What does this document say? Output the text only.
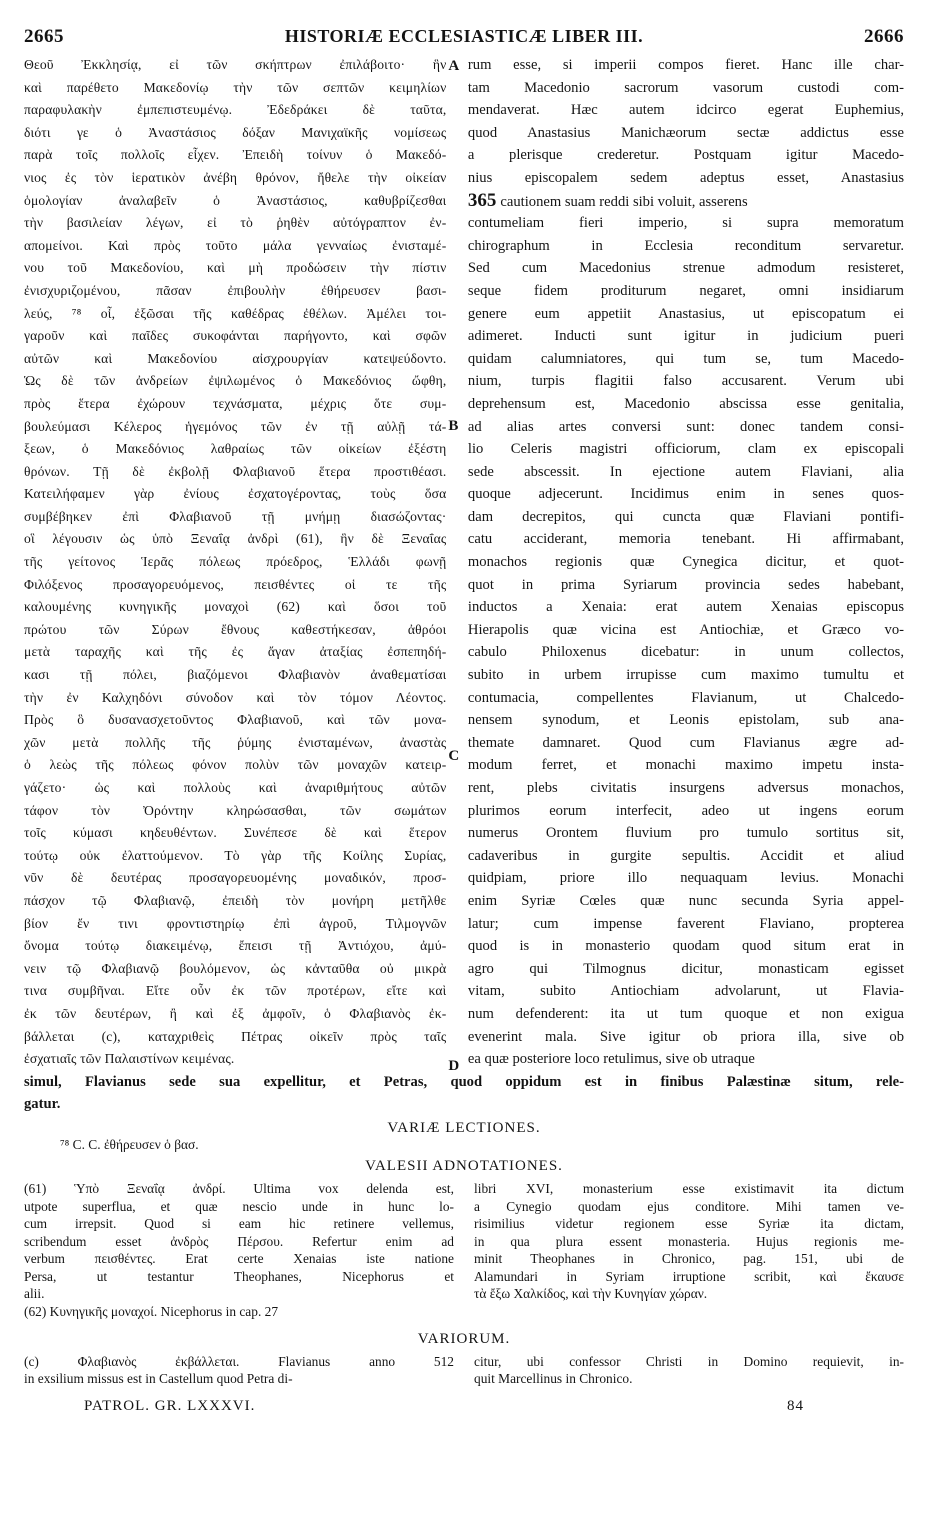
2665	HISTORIÆ ECCLESIASTICÆ LIBER III.	2666
Θεοῦ Ἐκκλησίᾳ, εἰ τῶν σκήπτρων ἐπιλάβοιτο· ἣν
καὶ παρέθετο Μακεδονίῳ τὴν τῶν σεπτῶν κειμηλίων
παραφυλακὴν ἐμπεπιστευμένῳ. Ἐδεδράκει δὲ ταῦτα,
διότι γε ὁ Ἀναστάσιος δόξαν Μανιχαϊκῆς νομίσεως
παρὰ τοῖς πολλοῖς εἶχεν. Ἐπειδὴ τοίνυν ὁ Μακεδό-
νιος ἐς τὸν ἱερατικὸν ἀνέβη θρόνον, ἤθελε τὴν οἰκείαν
ὁμολογίαν ἀναλαβεῖν ὁ Ἀναστάσιος, καθυβρίζεσθαι
τὴν βασιλείαν λέγων, εἰ τὸ ῥηθὲν αὐτόγραπτον ἐν-
απομείνοι. Καὶ πρὸς τοῦτο μάλα γενναίως ἐνισταμέ-
νου τοῦ Μακεδονίου, καὶ μὴ προδώσειν τὴν πίστιν
ἐνισχυριζομένου, πᾶσαν ἐπιβουλὴν ἐθήρευσεν βασι-
λεύς, ⁷⁸ οἷ, ἐξῶσαι τῆς καθέδρας ἐθέλων. Ἀμέλει τοι-
γαροῦν καὶ παῖδες συκοφάνται παρήγοντο, καὶ σφῶν
αὐτῶν καὶ Μακεδονίου αἰσχρουργίαν κατεψεύδοντο.
Ὡς δὲ τῶν ἀνδρείων ἐψιλωμένος ὁ Μακεδόνιος ὤφθη,
πρὸς ἕτερα ἐχώρουν τεχνάσματα, μέχρις ὅτε συμ-
βουλεύμασι Κέλερος ἡγεμόνος τῶν ἐν τῇ αὐλῇ τά-
ξεων, ὁ Μακεδόνιος λαθραίως τῶν οἰκείων ἐξέστη
θρόνων. Τῇ δὲ ἐκβολῇ Φλαβιανοῦ ἕτερα προστιθέασι.
Κατειλήφαμεν γὰρ ἐνίους ἐσχατογέροντας, τοὺς ὅσα
συμβέβηκεν ἐπὶ Φλαβιανοῦ τῇ μνήμῃ διασώζοντας·
οἳ λέγουσιν ὡς ὑπὸ Ξεναΐᾳ ἀνδρὶ (61), ἣν δὲ Ξεναΐας
τῆς γείτονος Ἱερᾶς πόλεως πρόεδρος, Ἑλλάδι φωνῇ
Φιλόξενος προσαγορευόμενος, πεισθέντες οἱ τε τῆς
καλουμένης κυνηγικῆς μοναχοὶ (62) καὶ ὅσοι τοῦ
πρώτου τῶν Σύρων ἔθνους καθεστήκεσαν, ἀθρόοι
μετὰ ταραχῆς καὶ τῆς ἐς ἄγαν ἀταξίας ἐσπεπηδή-
κασι τῇ πόλει, βιαζόμενοι Φλαβιανὸν ἀναθεματίσαι
τὴν ἐν Καλχηδόνι σύνοδον καὶ τὸν τόμον Λέοντος.
Πρὸς ὃ δυσανασχετοῦντος Φλαβιανοῦ, καὶ τῶν μονα-
χῶν μετὰ πολλῆς τῆς ῥύμης ἐνισταμένων, ἀναστὰς
ὁ λεὼς τῆς πόλεως φόνον πολὺν τῶν μοναχῶν κατειρ-
γάζετο· ὡς καὶ πολλοὺς καὶ ἀναριθμήτους αὐτῶν
τάφον τὸν Ὀρόντην κληρώσασθαι, τῶν σωμάτων
τοῖς κύμασι κηδευθέντων. Συνέπεσε δὲ καὶ ἕτερον
τούτῳ οὐκ ἐλαττούμενον. Τὸ γὰρ τῆς Κοίλης Συρίας,
νῦν δὲ δευτέρας προσαγορευομένης μοναδικόν, προσ-
πάσχον τῷ Φλαβιανῷ, ἐπειδὴ τὸν μονήρη μετῆλθε
βίον ἔν τινι φροντιστηρίῳ ἐπὶ ἀγροῦ, Τιλμογνῶν
ὄνομα τούτῳ διακειμένῳ, ἔπεισι τῇ Ἀντιόχου, ἀμύ-
νειν τῷ Φλαβιανῷ βουλόμενον, ὡς κἀνταῦθα οὐ μικρὰ
τινα συμβῆναι. Εἴτε οὖν ἐκ τῶν προτέρων, εἴτε καὶ
ἐκ τῶν δευτέρων, ἢ καὶ ἐξ ἀμφοῖν, ὁ Φλαβιανὸς ἐκ-
βάλλεται (c), καταχριθεὶς Πέτρας οἰκεῖν πρὸς ταῖς
ἐσχατιαῖς τῶν Παλαιστίνων κειμένας.
A
B
C
D
rum esse, si imperii compos fieret. Hanc ille char-
tam Macedonio sacrorum vasorum custodi com-
mendaverat. Hæc autem idcirco egerat Euphemius,
quod Anastasius Manichæorum sectæ addictus esse
a plerisque crederetur. Postquam igitur Macedo-
nius episcopalem sedem adeptus esset, Anastasius
365 cautionem suam reddi sibi voluit, asserens
contumeliam fieri imperio, si supra memoratum
chirographum in Ecclesia reconditum servaretur.
Sed cum Macedonius strenue admodum resisteret,
seque fidem proditurum negaret, omni insidiarum
genere eum appetiit Anastasius, ut episcopatum ei
adimeret. Inducti sunt igitur in judicium pueri
quidam calumniatores, qui tum se, tum Macedo-
nium, turpis flagitii falso accusarent. Verum ubi
deprehensum est, Macedonio abscissa esse genitalia,
ad alias artes conversi sunt: donec tandem consi-
lio Celeris magistri officiorum, clam ex episcopali
sede abscessit. In ejectione autem Flaviani, alia
quoque adjecerunt. Incidimus enim in senes quos-
dam decrepitos, qui cuncta quæ Flaviani pontifi-
catu acciderant, memoria tenebant. Hi affirmabant,
monachos regionis quæ Cynegica dicitur, et quot-
quot in prima Syriarum provincia sedes habebant,
inductos a Xenaia: erat autem Xenaias episcopus
Hierapolis quæ vicina est Antiochiæ, et Græco vo-
cabulo Philoxenus dicebatur: in unum collectos,
subito in urbem irrupisse cum maximo tumultu et
contumacia, compellentes Flavianum, ut Chalcedo-
nensem synodum, et Leonis epistolam, sub ana-
themate damnaret. Quod cum Flavianus ægre ad-
modum ferret, et monachi maximo impetu insta-
rent, plebs civitatis insurgens adversus monachos,
plurimos eorum interfecit, adeo ut ingens eorum
numerus Orontem fluvium pro tumulo sortitus sit,
cadaveribus in gurgite sepultis. Accidit et aliud
quidpiam, priore illo nequaquam levius. Monachi
enim Syriæ Cœles quæ nunc secunda Syria appel-
latur; cum impense faverent Flaviano, propterea
quod is in monasterio quodam quod situm erat in
agro qui Tilmognus dicitur, monasticam egisset
vitam, subito Antiochiam advolarunt, ut Flavia-
num defenderent: ita ut tum quoque et non exigua
evenerint mala. Sive igitur ob priora illa, sive ob
ea quæ posteriore loco retulimus, sive ob utraque
simul, Flavianus sede sua expellitur, et Petras, quod oppidum est in finibus Palæstinæ situm, rele-
gatur.
VARIÆ LECTIONES.
⁷⁸ C. C. ἐθήρευσεν ὁ βασ.
VALESII ADNOTATIONES.
(61) Ὑπὸ Ξεναΐᾳ ἀνδρί. Ultima vox delenda est,
utpote superflua, et quæ nescio unde in hunc lo-
cum irrepsit. Quod si eam hic retinere vellemus,
scribendum esset ἀνδρὸς Πέρσου. Refertur enim ad
verbum πεισθέντες. Erat certe Xenaias iste natione
Persa, ut testantur Theophanes, Nicephorus et
alii.
(62) Κυνηγικῆς μοναχοί. Nicephorus in cap. 27
libri XVI, monasterium esse existimavit ita dictum
a Cynegio quodam ejus conditore. Mihi tamen ve-
risimilius videtur regionem esse Syriæ ita dictam,
in qua plura essent monasteria. Hujus regionis me-
minit Theophanes in Chronico, pag. 151, ubi de
Alamundari in Syriam irruptione scribit, καὶ ἔκαυσε
τὰ ἔξω Χαλκίδος, καὶ τὴν Κυνηγίαν χώραν.
VARIORUM.
(c) Φλαβιανὸς ἐκβάλλεται. Flavianus anno 512
in exsilium missus est in Castellum quod Petra di-
citur, ubi confessor Christi in Domino requievit, in-
quit Marcellinus in Chronico.
PATROL. GR. LXXXVI.	84
